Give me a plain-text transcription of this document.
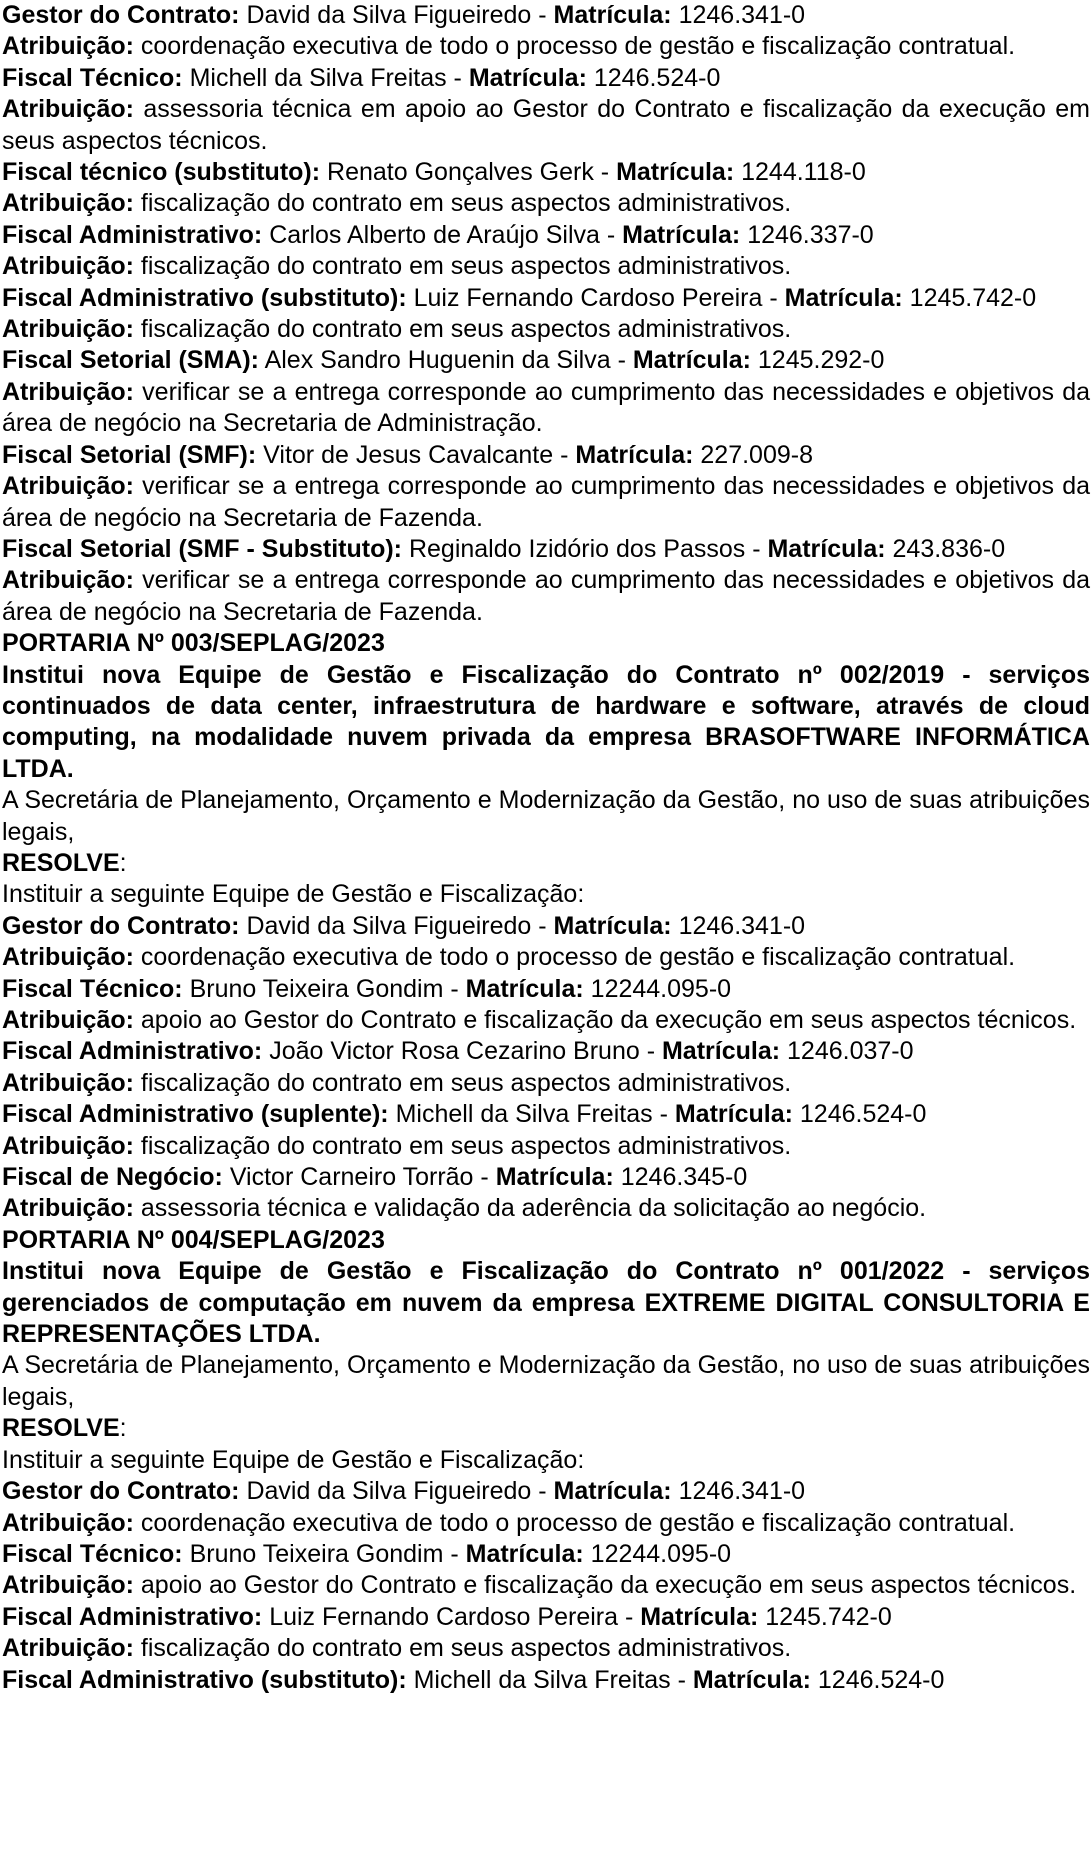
Gestor do Contrato: David da Silva Figueiredo - Matrícula: 1246.341-0

Atribuição: coordenação executiva de todo o processo de gestão e fiscalização contratual.

Fiscal Técnico: Michell da Silva Freitas - Matrícula: 1246.524-0

Atribuição: assessoria técnica em apoio ao Gestor do Contrato e fiscalização da execução em seus aspectos técnicos.

Fiscal técnico (substituto): Renato Gonçalves Gerk - Matrícula: 1244.118-0

Atribuição: fiscalização do contrato em seus aspectos administrativos.

Fiscal Administrativo: Carlos Alberto de Araújo Silva - Matrícula: 1246.337-0

Atribuição: fiscalização do contrato em seus aspectos administrativos.

Fiscal Administrativo (substituto): Luiz Fernando Cardoso Pereira - Matrícula: 1245.742-0

Atribuição: fiscalização do contrato em seus aspectos administrativos.

Fiscal Setorial (SMA): Alex Sandro Huguenin da Silva - Matrícula: 1245.292-0

Atribuição: verificar se a entrega corresponde ao cumprimento das necessidades e objetivos da área de negócio na Secretaria de Administração.

Fiscal Setorial (SMF): Vitor de Jesus Cavalcante - Matrícula: 227.009-8

Atribuição: verificar se a entrega corresponde ao cumprimento das necessidades e objetivos da área de negócio na Secretaria de Fazenda.

Fiscal Setorial (SMF - Substituto): Reginaldo Izidório dos Passos - Matrícula: 243.836-0

Atribuição: verificar se a entrega corresponde ao cumprimento das necessidades e objetivos da área de negócio na Secretaria de Fazenda.

PORTARIA Nº 003/SEPLAG/2023

Institui nova Equipe de Gestão e Fiscalização do Contrato nº 002/2019 - serviços continuados de data center, infraestrutura de hardware e software, através de cloud computing, na modalidade nuvem privada da empresa BRASOFTWARE INFORMÁTICA LTDA.

A Secretária de Planejamento, Orçamento e Modernização da Gestão, no uso de suas atribuições legais,

RESOLVE:

Instituir a seguinte Equipe de Gestão e Fiscalização:

Gestor do Contrato: David da Silva Figueiredo - Matrícula: 1246.341-0

Atribuição: coordenação executiva de todo o processo de gestão e fiscalização contratual.

Fiscal Técnico: Bruno Teixeira Gondim - Matrícula: 12244.095-0

Atribuição: apoio ao Gestor do Contrato e fiscalização da execução em seus aspectos técnicos.

Fiscal Administrativo: João Victor Rosa Cezarino Bruno - Matrícula: 1246.037-0

Atribuição: fiscalização do contrato em seus aspectos administrativos.

Fiscal Administrativo (suplente): Michell da Silva Freitas - Matrícula: 1246.524-0

Atribuição: fiscalização do contrato em seus aspectos administrativos.

Fiscal de Negócio: Victor Carneiro Torrão - Matrícula: 1246.345-0

Atribuição: assessoria técnica e validação da aderência da solicitação ao negócio.

PORTARIA Nº 004/SEPLAG/2023

Institui nova Equipe de Gestão e Fiscalização do Contrato nº 001/2022 - serviços gerenciados de computação em nuvem da empresa EXTREME DIGITAL CONSULTORIA E REPRESENTAÇÕES LTDA.

A Secretária de Planejamento, Orçamento e Modernização da Gestão, no uso de suas atribuições legais,

RESOLVE:

Instituir a seguinte Equipe de Gestão e Fiscalização:

Gestor do Contrato: David da Silva Figueiredo - Matrícula: 1246.341-0

Atribuição: coordenação executiva de todo o processo de gestão e fiscalização contratual.

Fiscal Técnico: Bruno Teixeira Gondim - Matrícula: 12244.095-0

Atribuição: apoio ao Gestor do Contrato e fiscalização da execução em seus aspectos técnicos.

Fiscal Administrativo: Luiz Fernando Cardoso Pereira - Matrícula: 1245.742-0

Atribuição: fiscalização do contrato em seus aspectos administrativos.

Fiscal Administrativo (substituto): Michell da Silva Freitas - Matrícula: 1246.524-0
